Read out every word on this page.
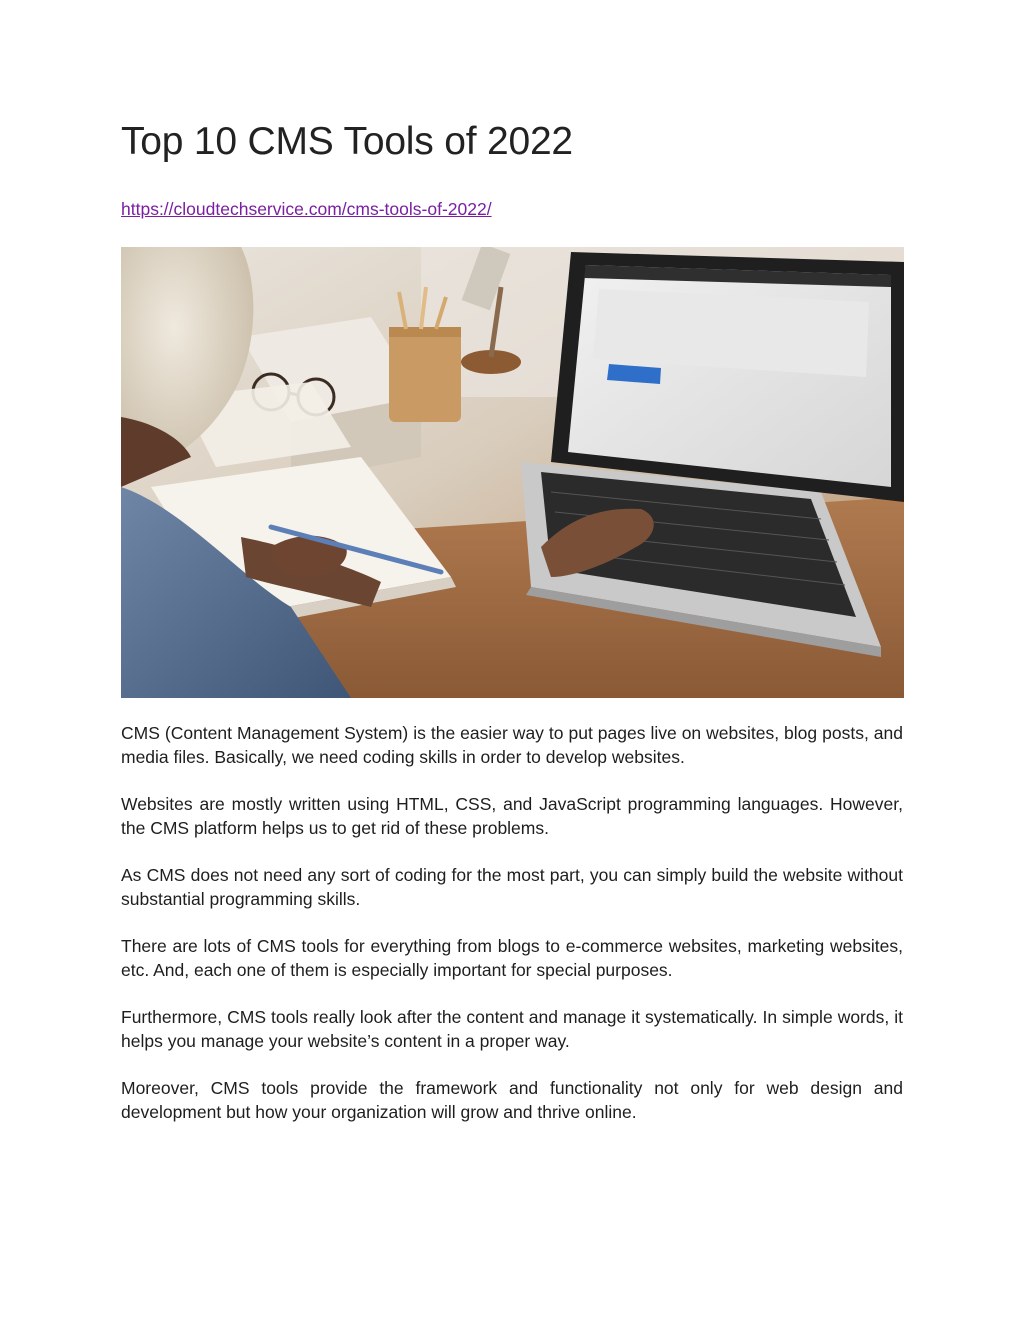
Top 10 CMS Tools of 2022
https://cloudtechservice.com/cms-tools-of-2022/

CMS (Content Management System) is the easier way to put pages live on websites, blog posts, and media files. Basically, we need coding skills in order to develop websites.

Websites are mostly written using HTML, CSS, and JavaScript programming languages. However, the CMS platform helps us to get rid of these problems.

As CMS does not need any sort of coding for the most part, you can simply build the website without substantial programming skills.

There are lots of CMS tools for everything from blogs to e-commerce websites, marketing websites, etc. And, each one of them is especially important for special purposes.

Furthermore, CMS tools really look after the content and manage it systematically. In simple words, it helps you manage your website’s content in a proper way.

Moreover, CMS tools provide the framework and functionality not only for web design and development but how your organization will grow and thrive online.
